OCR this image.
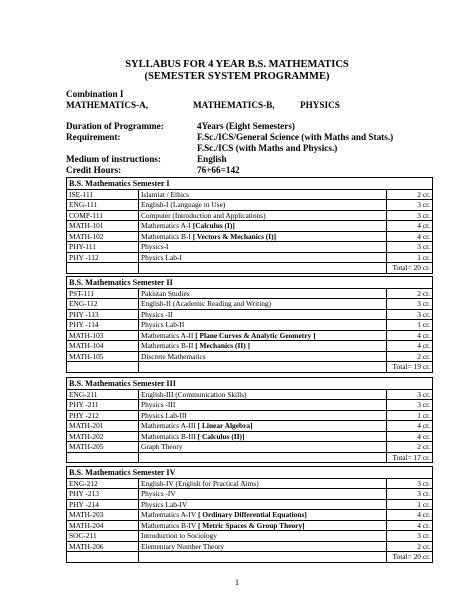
SYLLABUS FOR 4 YEAR B.S. MATHEMATICS
(SEMESTER SYSTEM PROGRAMME)
Combination I
MATHEMATICS-A,	MATHEMATICS-B,	PHYSICS
Duration of Programme:	4Years (Eight Semesters)
Requirement:	F.Sc./ICS/General Science (with Maths and Stats.)
F.Sc./ICS (with Maths and Physics.)
Medium of instructions:	English
Credit Hours:	76+66=142
B.S. Mathematics Semester I		
ISE-111	Islamiat / Ethics	2 cr.
ENG-111	English-I (Language in Use)	3 cr.
COMP-111	Computer (Introduction and Applications)	3 cr.
MATH-101	Mathematics A-I [Calculus (I)]	4 cr.
MATH-102	Mathematics B-I [ Vectors & Mechanics (I)]	4 cr.
PHY-111	Physics-I	3 cr.
PHY -112	Physics Lab-I	1 cr.
		Total= 20 cr.
B.S. Mathematics Semester II		
PST-111	Pakistan Studies	2 cr.
ENG-112	English-II (Academic Reading and Writing)	3 cr.
PHY -113	Physics -II	3 cr.
PHY -114	Physics Lab-II	1 cr.
MATH-103	Mathematics A-II [ Plane Curves & Analytic Geometry ]	4 cr.
MATH-104	Mathematics B-II [ Mechanics (II) ]	4 cr.
MATH-105	Discrete Mathematics	2 cr.
		Total= 19 cr.
B.S. Mathematics Semester III		
ENG-211	English-III (Communication Skills)	3 cr.
PHY -211	Physics -III	3 cr.
PHY -212	Physics Lab-III	1 cr.
MATH-201	Mathematics A-III [ Linear Algebra]	4 cr.
MATH-202	Mathematics B-III [ Calculus (II)]	4 cr.
MATH-205	Graph Theory	2 cr.
		Total= 17 cr.
B.S. Mathematics Semester IV		
ENG-212	English-IV (English for Practical Aims)	3 cr.
PHY -213	Physics -IV	3 cr.
PHY -214	Physics Lab-IV	1 cr.
MATH-203	Mathematics A-IV [ Ordinary Differential Equations]	4 cr.
MATH-204	Mathematics B-IV [ Metric Spaces & Group Theory]	4 cr.
SOC-211	Introduction to Sociology	3 cr.
MATH-206	Elementary Number Theory	2 cr.
		Total= 20 cr.
1
